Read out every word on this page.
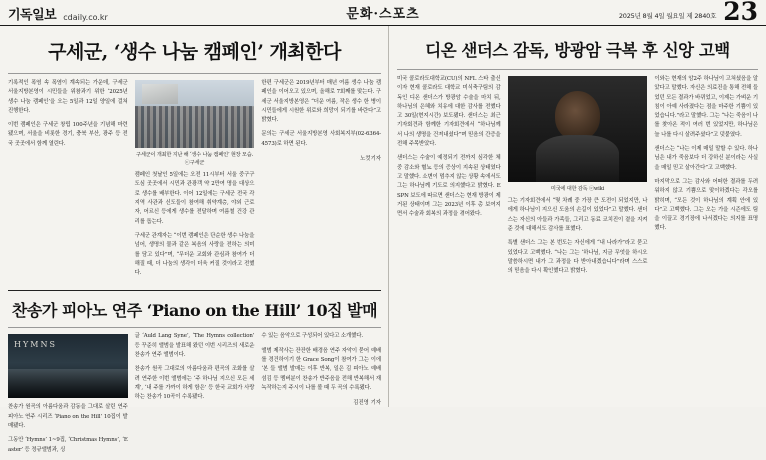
기독일보 cdaily.co.kr	문화·스포츠	2025년 8월 4일 월요일 제 2840호 23
구세군, ‘생수 나눔 캠페인’ 개최한다

기록적인 폭염 속 폭염이 계속되는 가운데, 구세군 서울지방본영이 시민들을 위참과기 위한 ‘2025년 생수 나눔 캠페인’을 오는 5일과 12일 양일에 걸쳐 진행한다.

이번 캠페인은 구세군 창립 100주년을 기념해 마련됐으며, 서울을 비롯한 경기, 충북 부산, 광주 등 전국 곳곳에서 함께 열린다.

구세군이 개최한 지난 해 ‘생수 나눔 캠페인’ 현장 모습. ⓒ구세군

캠페인 첫날인 5일에는 오전 11시부터 서울 중구구 도심 곳곳에서 시민과 관광객 약 2만여 명을 대상으로 생수를 배부한다. 이어 12일에는 구세군 전국 각 지역 사관과 신도들이 참여해 취약계층, 야외 근로자, 어르신 등에게 생수를 전달하며 여름철 건강 관리를 돕는다.

구세군 관계자는 “이번 캠페인은 단순한 생수 나눔을 넘어, 생명의 물과 같은 복음의 사랑을 전하는 의미를 담고 있다”며, “무더운 교회와 관심과 참여가 더해질 때, 더 나눔의 생각이 더욱 커질 것이라고 전했다.

한편 구세군은 2019년부터 매년 여름 생수 나눔 캠페인을 이어오고 있으며, 올해로 7회째를 맞는다. 구세군 서울지방본영은 “더운 여름, 작은 생수 한 병이 시민들에게 시원한 위로와 희망이 되기를 바란다”고 밝혔다.

문의는 구세군 서울지방본영 사회복지부(02-6364-4573)로 하면 된다.

노컷기자

찬송가 피아노 연주 ‘Piano on the Hill’ 10집 발매
HYMNS

찬송가 원곡의 아름다움과 감동을 그대로 살린 연주 피아노 연주 시리즈 ‘Piano on the Hill’ 10집이 발매됐다.

그동안 ‘Hymns’ 1~9집, ‘Christmas Hymns’, ‘Easter’ 등 정규앨범과, 싱

글 ‘Auld Lang Syne’, ‘The Hymns collection’ 등 꾸준히 앨범을 발표해 왔던 이번 시리즈의 새로운 찬송가 연주 앨범이다.

찬송가 원곡 그대로의 아름다움과 편곡의 조화를 살려 연주한 이번 앨범에는 ‘주 하나님 지으신 모든 세계’, ‘내 주를 가까이 하게 함은’ 등 한국 교회가 사랑하는 찬송가 10곡이 수록됐다.

수 있는 음악으로 구성되어 있다고 소개했다.

앨범 제작사는 잔잔한 배경음 연주 자악이 묻어 예배를 경건하이기 한 Grace Song이 참여가 그는 이에 ‘본 들 앨범 발매는 이후 반복, 일은 김 피아노 예배 섬김 등 멤버분이 찬송가 반주음을 전해 반복해서 재녹작하는지 주시이 나를 볼 때 두 곡의 수록됐다.

김진영 기자

디온 샌더스 감독, 방광암 극복 후 신앙 고백

미국 콜로라도대학교(CU)의 NFL 스타 출신이자 현재 콜로라도 대학교 미식축구팀의 감독인 디온 샌더스가 방광암 수술을 마치 뒤, 하나님의 은혜와 치유에 대한 감사를 전했다고 30일(현지시간) 보도됐다. 샌더스는 최근 기자회견과 함께한 기자회견에서 “하나님께서 나의 생명을 건져내셨다”며 믿음의 간증을 전해 주목받았다.

샌더스는 수술이 예정되기 전까지 심각한 체중 감소와 혈뇨 등의 증상이 지속된 상태였다고 말했다. 소변이 멈추지 않는 상황 속에서도 그는 하나님께 기도로 의지했다고 밝혔다. ESPN 보도에 따르면 샌더스는 현재 방광이 제거된 상태이며 그는 2023년 이후 총 보여지면서 수술과 회복의 과정을 겪어왔다.

미국에 대한 감독 ⓒwiki

그는 기자회견에서 “몇 차례 중 가장 큰 도전이 되었지만, 나에게 하나님이 지으신 도움의 손길이 있었다”고 말했다. 샌더스는 자신의 아들과 가족들, 그리고 동료 코치진이 곁을 지켜준 것에 대해서도 감사를 표했다.

특별 샌더스 그는 본 번도는 자신에게 “내 나라가”라고 묻고 있었다고 고백했다. “나는 그는 ‘하나님, 지금 무엇을 하시오 말씀하시면 내가 그 과정을 다 받아내겠습니다”라며 스스로의 믿음을 다시 확인했다고 밝혔다.

이와는 현재의 암2주 하나님이 고쳐셨음을 알았다고 말했다. 자신은 의료진을 통해 전해 들었던 모든 결과가 바뀌었고, 이제는 가벼운 기침이 아예 사라졌다는 점을 마주한 기쁨이 있었습니다.”라고 말했다. 그는 “나는 죽음이 나를 찾아온 적이 여러 번 있었지만, 하나님은 늘 나를 다시 살려주셨다”고 덧붙였다.

샌더스는 “나는 이제 매일 말할 수 있다. 하나님은 내가 죽음보다 더 강하신 분이라는 사실을 매일 믿고 살아간다”고 고백했다.

마지막으로 그는 감사와 어떠한 결과를 두려워하지 않고 기쁨으로 맞이하겠다는 각오를 밝히며, “모든 것이 하나님의 계획 안에 있다”고 고백했다. 그는 오는 가을 시즌에도 팀을 이끌고 경기장에 나서겠다는 의지를 표명했다.
